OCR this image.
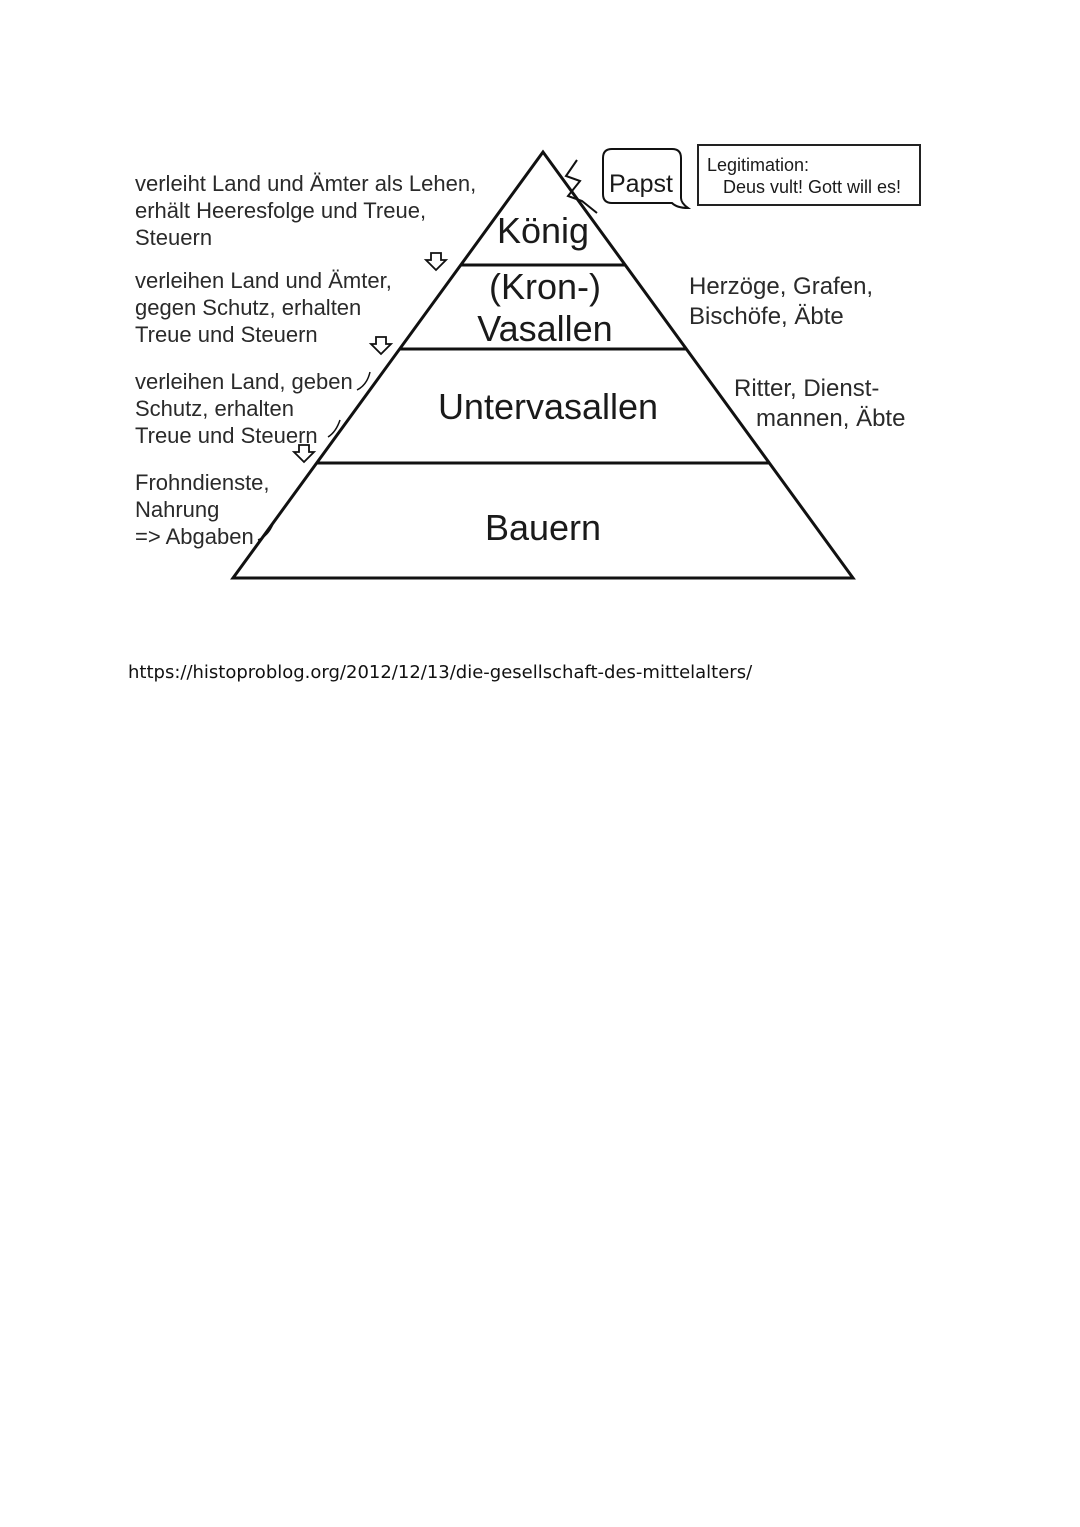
König
(Kron-)
Vasallen
Untervasallen
Bauern
verleiht Land und Ämter als Lehen,
erhält Heeresfolge und Treue,
Steuern
verleihen Land und Ämter,
gegen Schutz, erhalten
Treue und Steuern
verleihen Land, geben
Schutz, erhalten
Treue und Steuern
Frohndienste,
Nahrung
=> Abgaben
Herzöge, Grafen,
Bischöfe, Äbte
Ritter, Dienst-
mannen, Äbte
Papst
Legitimation:
Deus vult! Gott will es!

https://histoproblog.org/2012/12/13/die-gesellschaft-des-mittelalters/
